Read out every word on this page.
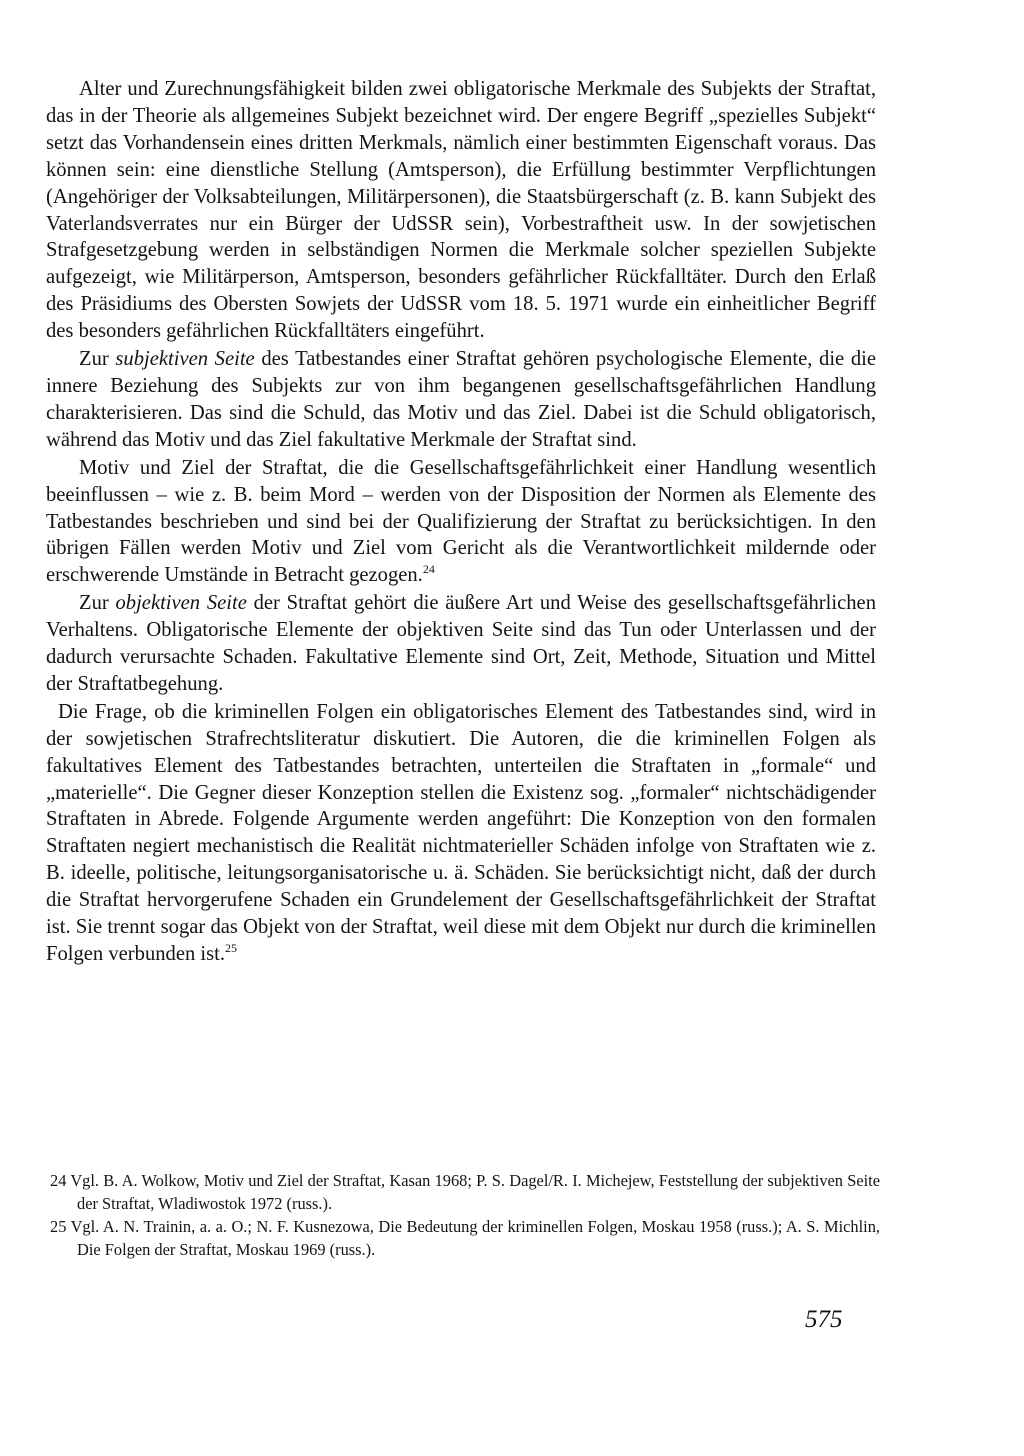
Alter und Zurechnungsfähigkeit bilden zwei obligatorische Merkmale des Subjekts der Straftat, das in der Theorie als allgemeines Subjekt bezeichnet wird. Der engere Begriff „spezielles Subjekt“ setzt das Vorhandensein eines dritten Merkmals, nämlich einer bestimmten Eigenschaft voraus. Das können sein: eine dienstliche Stellung (Amtsperson), die Erfüllung bestimmter Verpflichtungen (Angehöriger der Volksabteilungen, Militärpersonen), die Staatsbürgerschaft (z. B. kann Subjekt des Vaterlandsverrates nur ein Bürger der UdSSR sein), Vorbestraftheit usw. In der sowjetischen Strafgesetzgebung werden in selbständigen Normen die Merkmale solcher speziellen Subjekte aufgezeigt, wie Militärperson, Amtsperson, besonders gefährlicher Rückfalltäter. Durch den Erlaß des Präsidiums des Obersten Sowjets der UdSSR vom 18. 5. 1971 wurde ein einheitlicher Begriff des besonders gefährlichen Rückfalltäters eingeführt.

Zur subjektiven Seite des Tatbestandes einer Straftat gehören psychologische Elemente, die die innere Beziehung des Subjekts zur von ihm begangenen gesellschaftsgefährlichen Handlung charakterisieren. Das sind die Schuld, das Motiv und das Ziel. Dabei ist die Schuld obligatorisch, während das Motiv und das Ziel fakultative Merkmale der Straftat sind.

Motiv und Ziel der Straftat, die die Gesellschaftsgefährlichkeit einer Handlung wesentlich beeinflussen – wie z. B. beim Mord – werden von der Disposition der Normen als Elemente des Tatbestandes beschrieben und sind bei der Qualifizierung der Straftat zu berücksichtigen. In den übrigen Fällen werden Motiv und Ziel vom Gericht als die Verantwortlichkeit mildernde oder erschwerende Umstände in Betracht gezogen.$^{24}$

Zur objektiven Seite der Straftat gehört die äußere Art und Weise des gesellschaftsgefährlichen Verhaltens. Obligatorische Elemente der objektiven Seite sind das Tun oder Unterlassen und der dadurch verursachte Schaden. Fakultative Elemente sind Ort, Zeit, Methode, Situation und Mittel der Straftatbegehung.

Die Frage, ob die kriminellen Folgen ein obligatorisches Element des Tatbestandes sind, wird in der sowjetischen Strafrechtsliteratur diskutiert. Die Autoren, die die kriminellen Folgen als fakultatives Element des Tatbestandes betrachten, unterteilen die Straftaten in „formale“ und „materielle“. Die Gegner dieser Konzeption stellen die Existenz sog. „formaler“ nichtschädigender Straftaten in Abrede. Folgende Argumente werden angeführt: Die Konzeption von den formalen Straftaten negiert mechanistisch die Realität nichtmaterieller Schäden infolge von Straftaten wie z. B. ideelle, politische, leitungsorganisatorische u. ä. Schäden. Sie berücksichtigt nicht, daß der durch die Straftat hervorgerufene Schaden ein Grundelement der Gesellschaftsgefährlichkeit der Straftat ist. Sie trennt sogar das Objekt von der Straftat, weil diese mit dem Objekt nur durch die kriminellen Folgen verbunden ist.$^{25}$

24 Vgl. B. A. Wolkow, Motiv und Ziel der Straftat, Kasan 1968; P. S. Dagel/R. I. Michejew, Feststellung der subjektiven Seite der Straftat, Wladiwostok 1972 (russ.).
25 Vgl. A. N. Trainin, a. a. O.; N. F. Kusnezowa, Die Bedeutung der kriminellen Folgen, Moskau 1958 (russ.); A. S. Michlin, Die Folgen der Straftat, Moskau 1969 (russ.).
575
